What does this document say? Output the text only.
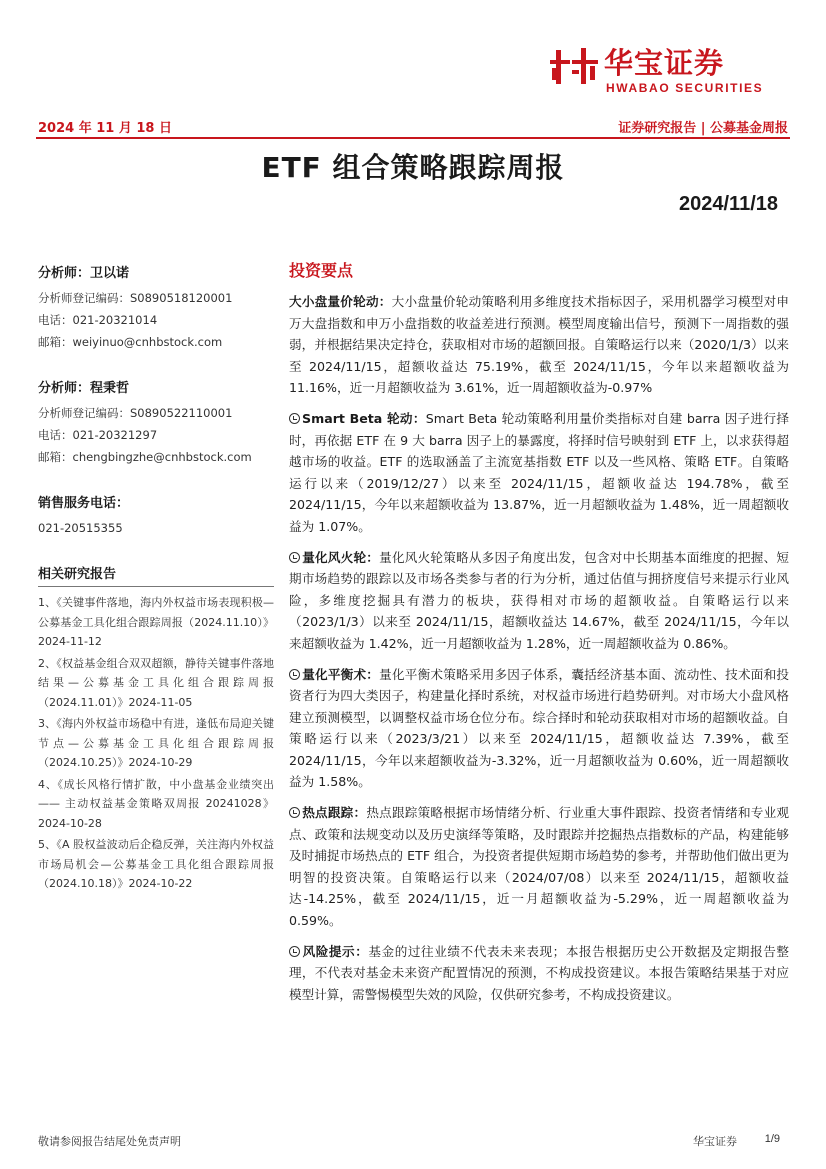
华宝证券
HWABAO SECURITIES
2024 年 11 月 18 日	证券研究报告 | 公募基金周报
ETF 组合策略跟踪周报
2024/11/18
分析师：卫以诺
分析师登记编码：S0890518120001
电话：021-20321014
邮箱：weiyinuo@cnhbstock.com
分析师：程秉哲
分析师登记编码：S0890522110001
电话：021-20321297
邮箱：chengbingzhe@cnhbstock.com
销售服务电话：
021-20515355
相关研究报告
1、《关键事件落地，海内外权益市场表现积极—公募基金工具化组合跟踪周报（2024.11.10）》2024-11-12
2、《权益基金组合双双超额，静待关键事件落地结果—公募基金工具化组合跟踪周报（2024.11.01）》2024-11-05
3、《海内外权益市场稳中有进，逢低布局迎关键节点—公募基金工具化组合跟踪周报（2024.10.25）》2024-10-29
4、《成长风格行情扩散，中小盘基金业绩突出—— 主动权益基金策略双周报 20241028》2024-10-28
5、《A 股权益波动后企稳反弹，关注海内外权益市场局机会—公募基金工具化组合跟踪周报（2024.10.18）》2024-10-22
投资要点

大小盘量价轮动：大小盘量价轮动策略利用多维度技术指标因子，采用机器学习模型对申万大盘指数和申万小盘指数的收益差进行预测。模型周度输出信号，预测下一周指数的强弱，并根据结果决定持仓，获取相对市场的超额回报。自策略运行以来（2020/1/3）以来至 2024/11/15，超额收益达 75.19%，截至 2024/11/15，今年以来超额收益为 11.16%，近一月超额收益为 3.61%，近一周超额收益为-0.97%

Smart Beta 轮动：Smart Beta 轮动策略利用量价类指标对自建 barra 因子进行择时，再依据 ETF 在 9 大 barra 因子上的暴露度，将择时信号映射到 ETF 上，以求获得超越市场的收益。ETF 的选取涵盖了主流宽基指数 ETF 以及一些风格、策略 ETF。自策略运行以来（2019/12/27）以来至 2024/11/15，超额收益达 194.78%，截至 2024/11/15，今年以来超额收益为 13.87%，近一月超额收益为 1.48%，近一周超额收益为 1.07%。

量化风火轮：量化风火轮策略从多因子角度出发，包含对中长期基本面维度的把握、短期市场趋势的跟踪以及市场各类参与者的行为分析，通过估值与拥挤度信号来提示行业风险，多维度挖掘具有潜力的板块，获得相对市场的超额收益。自策略运行以来（2023/1/3）以来至 2024/11/15，超额收益达 14.67%，截至 2024/11/15，今年以来超额收益为 1.42%，近一月超额收益为 1.28%，近一周超额收益为 0.86%。

量化平衡术：量化平衡术策略采用多因子体系，囊括经济基本面、流动性、技术面和投资者行为四大类因子，构建量化择时系统，对权益市场进行趋势研判。对市场大小盘风格建立预测模型，以调整权益市场仓位分布。综合择时和轮动获取相对市场的超额收益。自策略运行以来（2023/3/21）以来至 2024/11/15，超额收益达 7.39%，截至 2024/11/15，今年以来超额收益为-3.32%，近一月超额收益为 0.60%，近一周超额收益为 1.58%。

热点跟踪：热点跟踪策略根据市场情绪分析、行业重大事件跟踪、投资者情绪和专业观点、政策和法规变动以及历史演绎等策略，及时跟踪并挖掘热点指数标的产品，构建能够及时捕捉市场热点的 ETF 组合，为投资者提供短期市场趋势的参考，并帮助他们做出更为明智的投资决策。自策略运行以来（2024/07/08）以来至 2024/11/15，超额收益达-14.25%，截至 2024/11/15，近一月超额收益为-5.29%，近一周超额收益为 0.59%。

风险提示：基金的过往业绩不代表未来表现；本报告根据历史公开数据及定期报告整理，不代表对基金未来资产配置情况的预测，不构成投资建议。本报告策略结果基于对应模型计算，需警惕模型失效的风险，仅供研究参考，不构成投资建议。

敬请参阅报告结尾处免责声明	华宝证券	1/9
